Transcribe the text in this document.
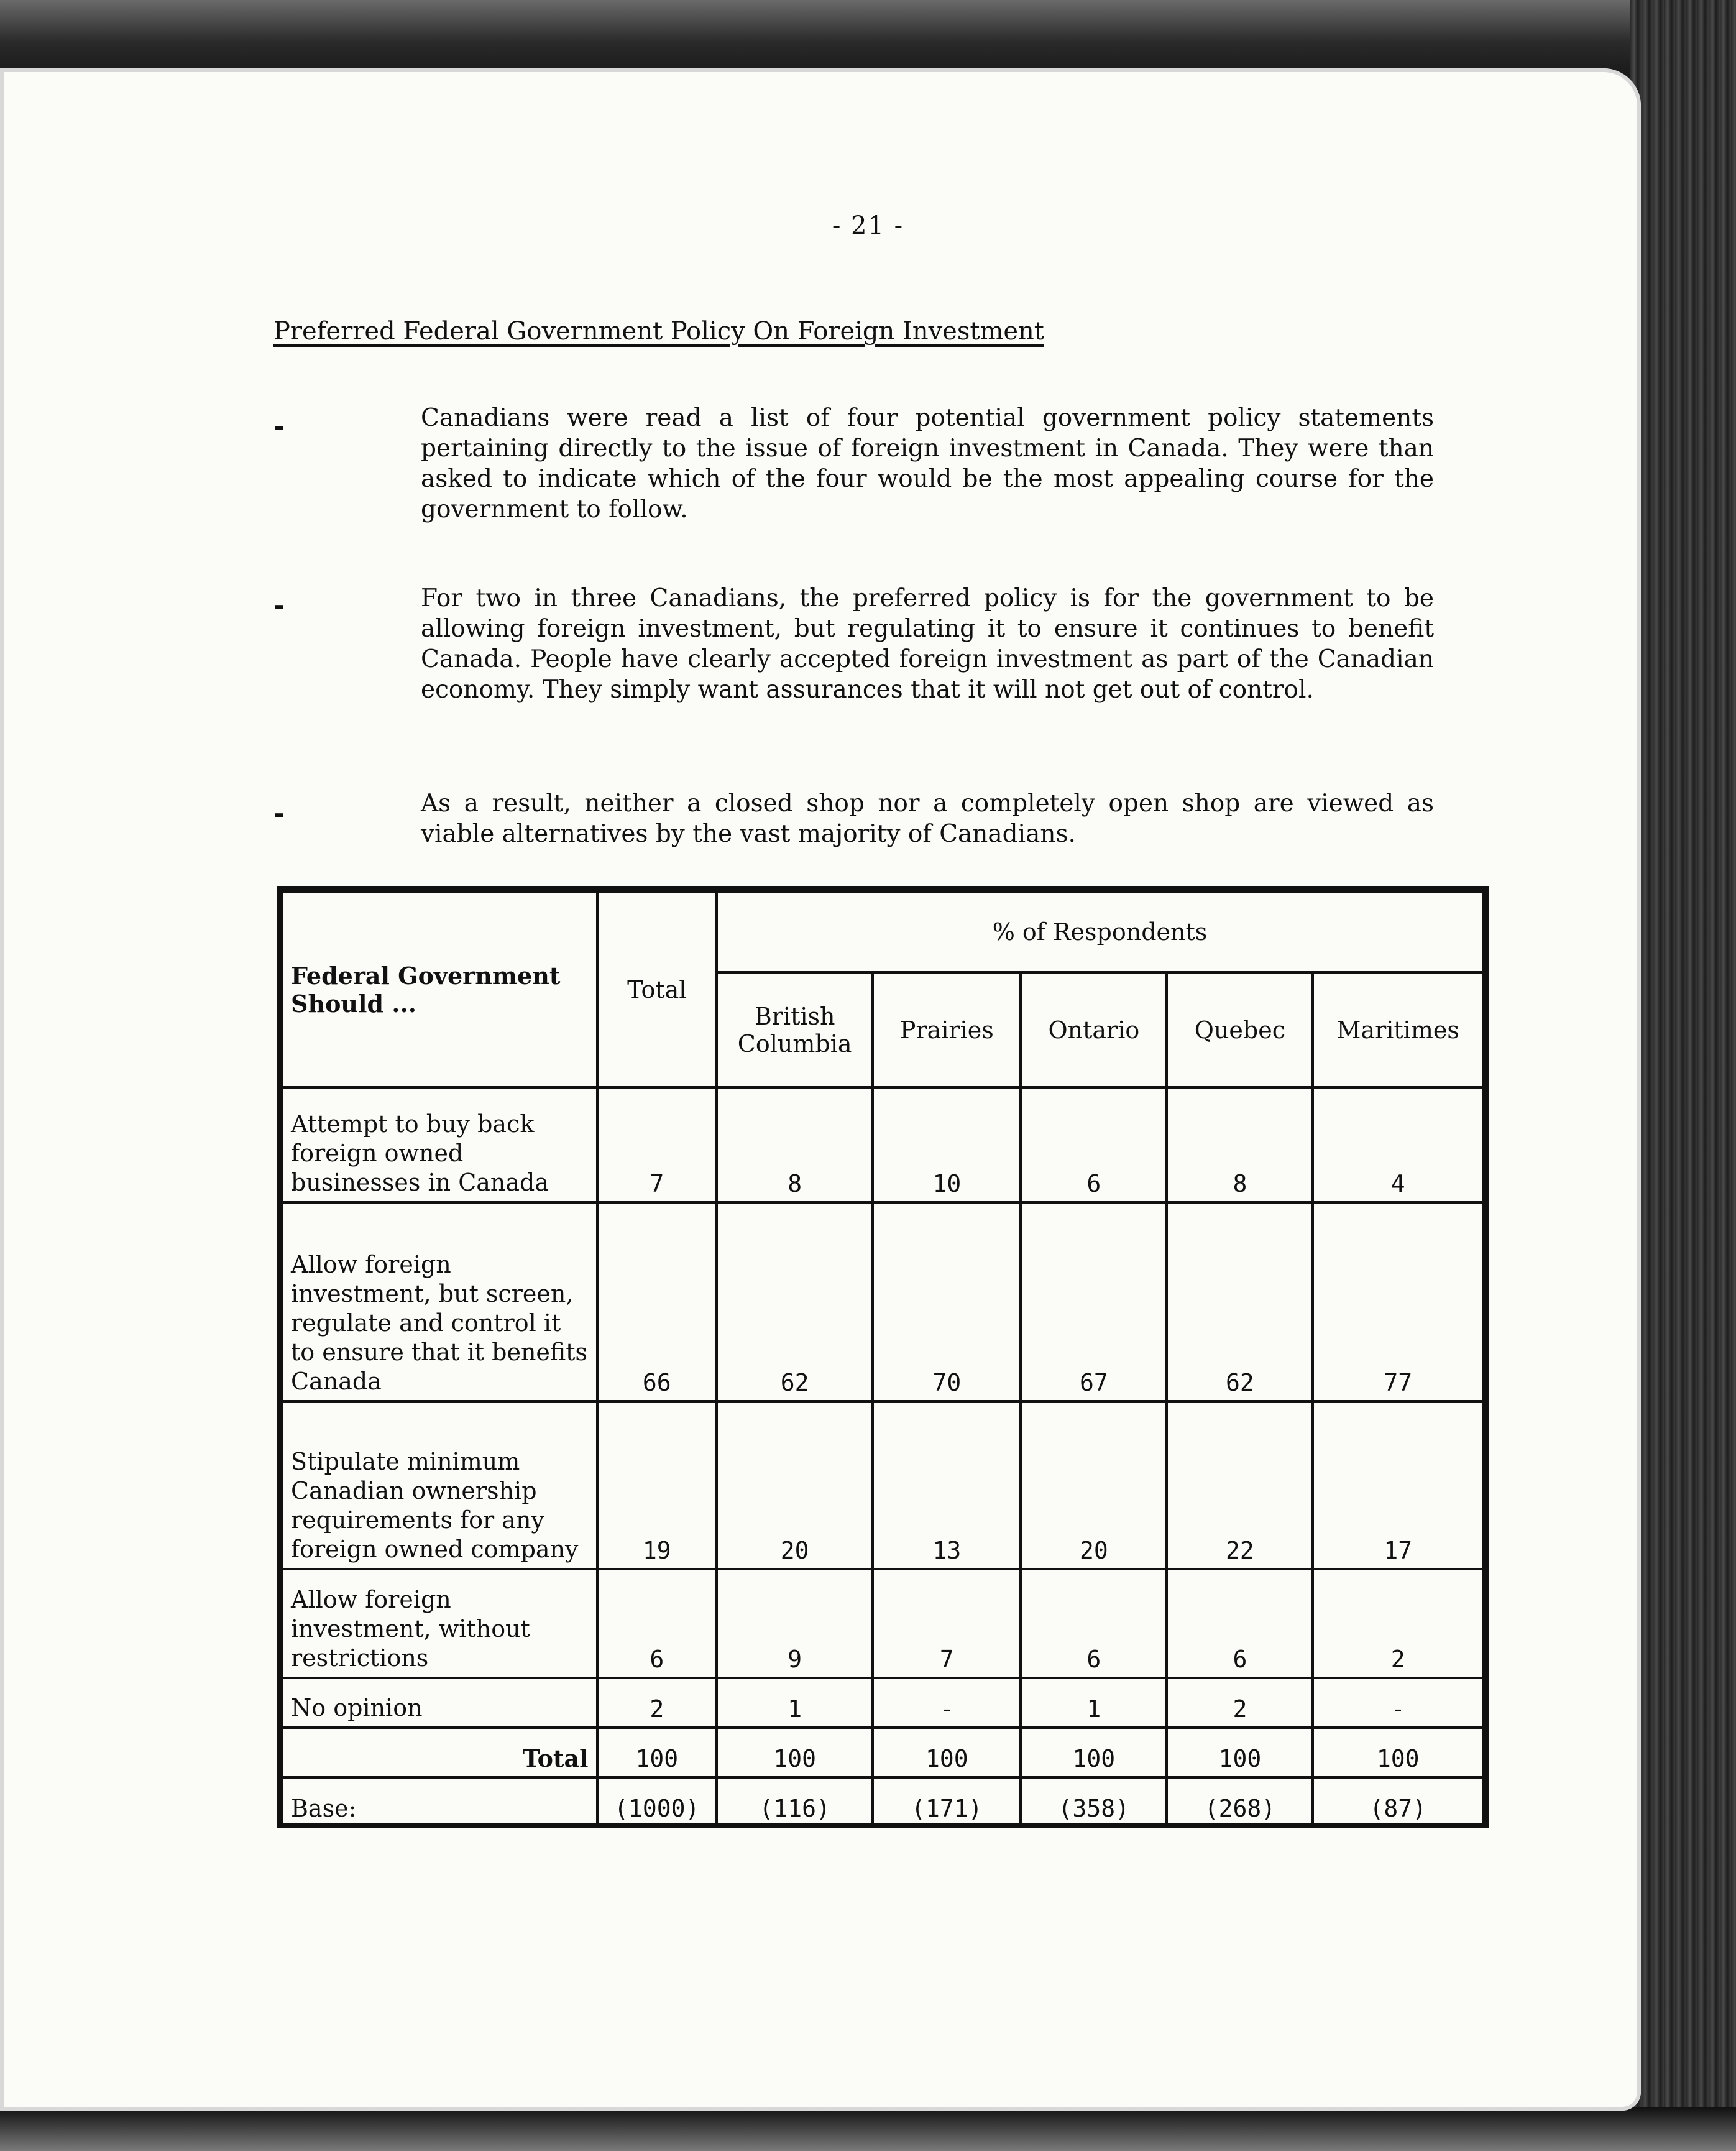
- 21 -
Preferred Federal Government Policy On Foreign Investment
-	Canadians were read a list of four potential government policy statements pertaining directly to the issue of foreign investment in Canada. They were than asked to indicate which of the four would be the most appealing course for the government to follow.
-	For two in three Canadians, the preferred policy is for the government to be allowing foreign investment, but regulating it to ensure it continues to benefit Canada. People have clearly accepted foreign investment as part of the Canadian economy. They simply want assurances that it will not get out of control.
-	As a result, neither a closed shop nor a completely open shop are viewed as viable alternatives by the vast majority of Canadians.
Federal Government Should ...	Total	% of Respondents				
		British Columbia	Prairies	Ontario	Quebec	Maritimes
Attempt to buy back foreign owned businesses in Canada	7	8	10	6	8	4
Allow foreign investment, but screen, regulate and control it to ensure that it benefits Canada	66	62	70	67	62	77
Stipulate minimum Canadian ownership requirements for any foreign owned company	19	20	13	20	22	17
Allow foreign investment, without restrictions	6	9	7	6	6	2
No opinion	2	1	-	1	2	-
Total	100	100	100	100	100	100
Base:	(1000)	(116)	(171)	(358)	(268)	(87)
